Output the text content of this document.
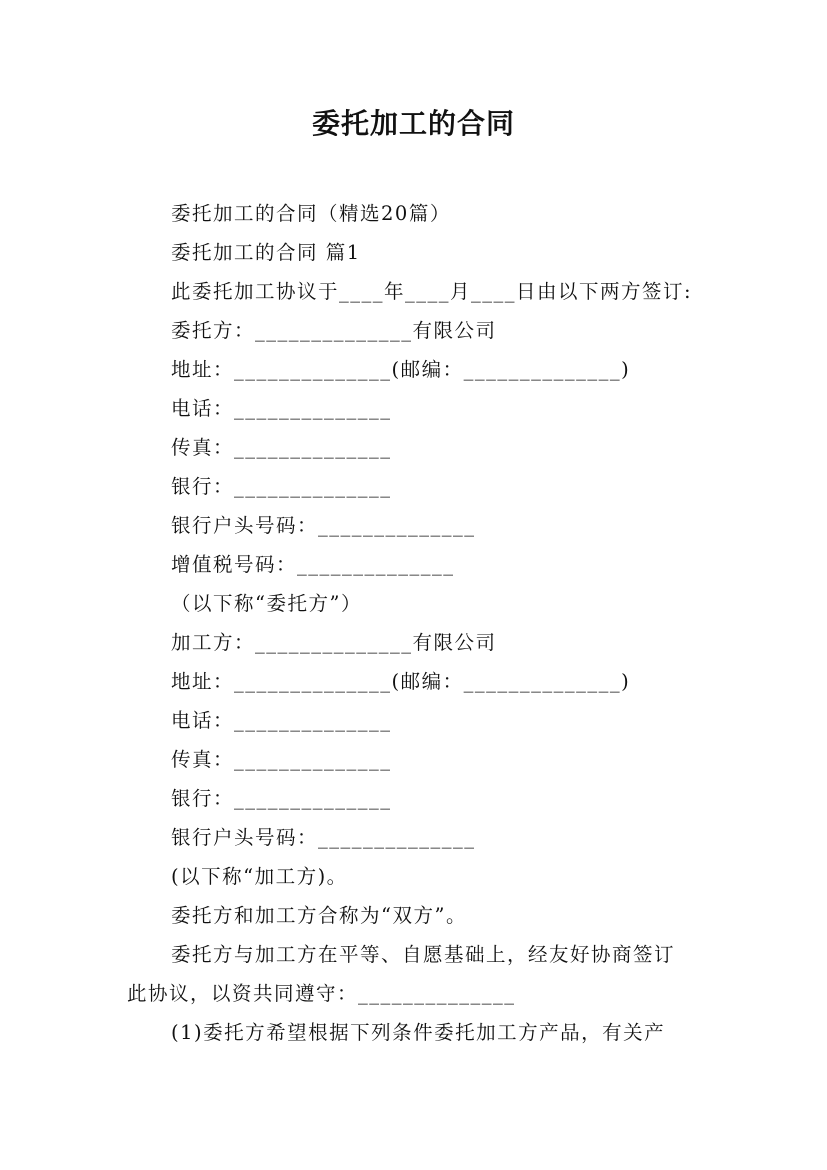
委托加工的合同
委托加工的合同（精选20篇）
委托加工的合同 篇1
此委托加工协议于____年____月____日由以下两方签订:
委托方：______________有限公司
地址：______________(邮编：______________)
电话：______________
传真：______________
银行：______________
银行户头号码：______________
增值税号码：______________
（以下称“委托方”）
加工方：______________有限公司
地址：______________(邮编：______________)
电话：______________
传真：______________
银行：______________
银行户头号码：______________
(以下称“加工方)。
委托方和加工方合称为“双方”。
委托方与加工方在平等、自愿基础上，经友好协商签订
此协议，以资共同遵守：______________
(1)委托方希望根据下列条件委托加工方产品，有关产
